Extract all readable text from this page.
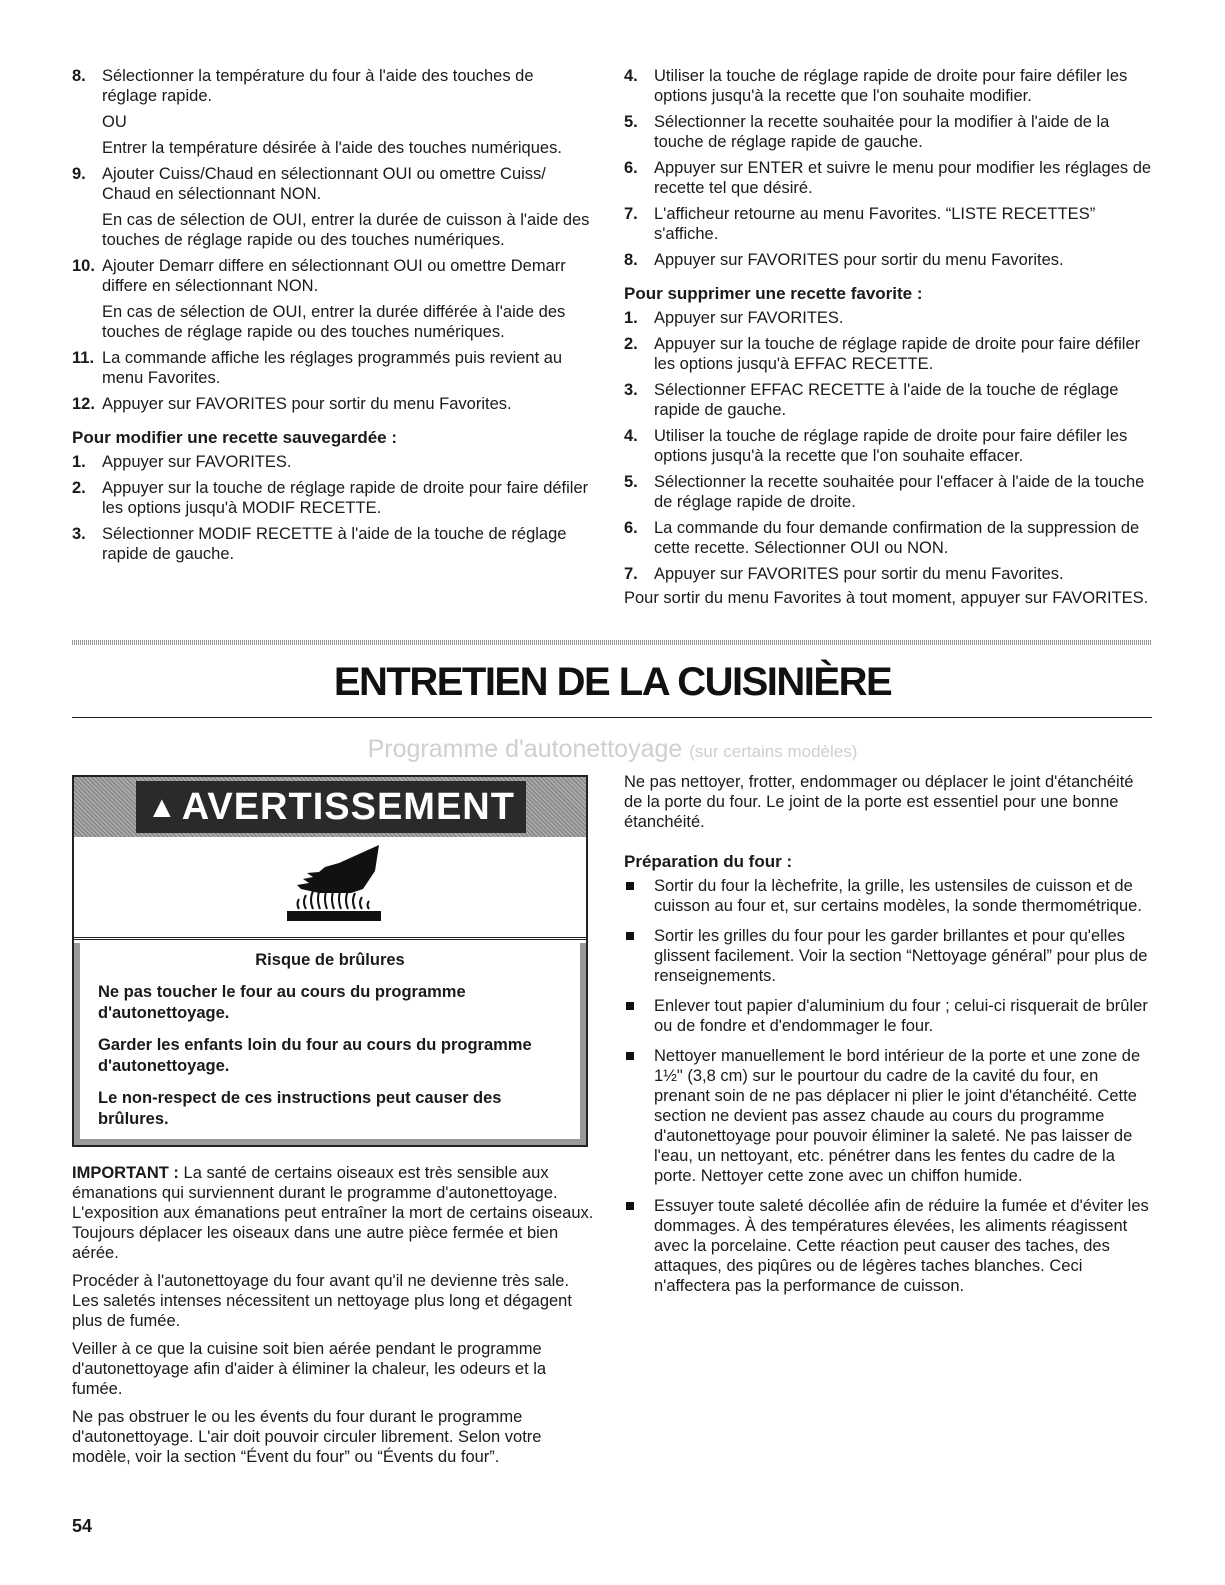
8. Sélectionner la température du four à l'aide des touches de réglage rapide.

OU

Entrer la température désirée à l'aide des touches numériques.

9. Ajouter Cuiss/Chaud en sélectionnant OUI ou omettre Cuiss/ Chaud en sélectionnant NON.

En cas de sélection de OUI, entrer la durée de cuisson à l'aide des touches de réglage rapide ou des touches numériques.

10. Ajouter Demarr differe en sélectionnant OUI ou omettre Demarr differe en sélectionnant NON.

En cas de sélection de OUI, entrer la durée différée à l'aide des touches de réglage rapide ou des touches numériques.

11. La commande affiche les réglages programmés puis revient au menu Favorites.

12. Appuyer sur FAVORITES pour sortir du menu Favorites.

Pour modifier une recette sauvegardée :
1. Appuyer sur FAVORITES.

2. Appuyer sur la touche de réglage rapide de droite pour faire défiler les options jusqu'à MODIF RECETTE.

3. Sélectionner MODIF RECETTE à l'aide de la touche de réglage rapide de gauche.

4. Utiliser la touche de réglage rapide de droite pour faire défiler les options jusqu'à la recette que l'on souhaite modifier.

5. Sélectionner la recette souhaitée pour la modifier à l'aide de la touche de réglage rapide de gauche.

6. Appuyer sur ENTER et suivre le menu pour modifier les réglages de recette tel que désiré.

7. L'afficheur retourne au menu Favorites. “LISTE RECETTES” s'affiche.

8. Appuyer sur FAVORITES pour sortir du menu Favorites.

Pour supprimer une recette favorite :
1. Appuyer sur FAVORITES.

2. Appuyer sur la touche de réglage rapide de droite pour faire défiler les options jusqu'à EFFAC RECETTE.

3. Sélectionner EFFAC RECETTE à l'aide de la touche de réglage rapide de gauche.

4. Utiliser la touche de réglage rapide de droite pour faire défiler les options jusqu'à la recette que l'on souhaite effacer.

5. Sélectionner la recette souhaitée pour l'effacer à l'aide de la touche de réglage rapide de droite.

6. La commande du four demande confirmation de la suppression de cette recette. Sélectionner OUI ou NON.

7. Appuyer sur FAVORITES pour sortir du menu Favorites.

Pour sortir du menu Favorites à tout moment, appuyer sur FAVORITES.

ENTRETIEN DE LA CUISINIÈRE
Programme d'autonettoyage (sur certains modèles)
▲ AVERTISSEMENT

Risque de brûlures

Ne pas toucher le four au cours du programme d'autonettoyage.

Garder les enfants loin du four au cours du programme d'autonettoyage.

Le non-respect de ces instructions peut causer des brûlures.

IMPORTANT : La santé de certains oiseaux est très sensible aux émanations qui surviennent durant le programme d'autonettoyage. L'exposition aux émanations peut entraîner la mort de certains oiseaux. Toujours déplacer les oiseaux dans une autre pièce fermée et bien aérée.

Procéder à l'autonettoyage du four avant qu'il ne devienne très sale. Les saletés intenses nécessitent un nettoyage plus long et dégagent plus de fumée.

Veiller à ce que la cuisine soit bien aérée pendant le programme d'autonettoyage afin d'aider à éliminer la chaleur, les odeurs et la fumée.

Ne pas obstruer le ou les évents du four durant le programme d'autonettoyage. L'air doit pouvoir circuler librement. Selon votre modèle, voir la section “Évent du four” ou “Évents du four”.

Ne pas nettoyer, frotter, endommager ou déplacer le joint d'étanchéité de la porte du four. Le joint de la porte est essentiel pour une bonne étanchéité.

Préparation du four :
Sortir du four la lèchefrite, la grille, les ustensiles de cuisson et de cuisson au four et, sur certains modèles, la sonde thermométrique.
Sortir les grilles du four pour les garder brillantes et pour qu'elles glissent facilement. Voir la section “Nettoyage général” pour plus de renseignements.
Enlever tout papier d'aluminium du four ; celui-ci risquerait de brûler ou de fondre et d'endommager le four.
Nettoyer manuellement le bord intérieur de la porte et une zone de 1½" (3,8 cm) sur le pourtour du cadre de la cavité du four, en prenant soin de ne pas déplacer ni plier le joint d'étanchéité. Cette section ne devient pas assez chaude au cours du programme d'autonettoyage pour pouvoir éliminer la saleté. Ne pas laisser de l'eau, un nettoyant, etc. pénétrer dans les fentes du cadre de la porte. Nettoyer cette zone avec un chiffon humide.
Essuyer toute saleté décollée afin de réduire la fumée et d'éviter les dommages. À des températures élevées, les aliments réagissent avec la porcelaine. Cette réaction peut causer des taches, des attaques, des piqûres ou de légères taches blanches. Ceci n'affectera pas la performance de cuisson.
54
